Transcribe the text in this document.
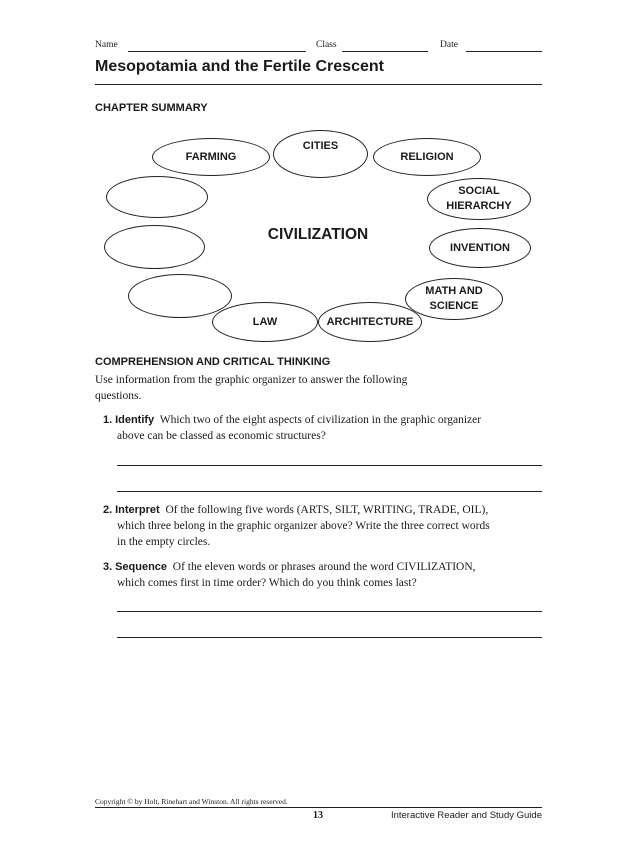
Name	Class	Date
Mesopotamia and the Fertile Crescent
CHAPTER SUMMARY
FARMING
CITIES
RELIGION
SOCIAL
HIERARCHY
INVENTION
MATH AND
SCIENCE
ARCHITECTURE
LAW
CIVILIZATION
COMPREHENSION AND CRITICAL THINKING
Use information from the graphic organizer to answer the following
questions.
1. Identify Which two of the eight aspects of civilization in the graphic organizer
above can be classed as economic structures?
2. Interpret Of the following five words (ARTS, SILT, WRITING, TRADE, OIL),
which three belong in the graphic organizer above? Write the three correct words
in the empty circles.
3. Sequence Of the eleven words or phrases around the word CIVILIZATION,
which comes first in time order? Which do you think comes last?
Copyright © by Holt, Rinehart and Winston. All rights reserved.
13	Interactive Reader and Study Guide
